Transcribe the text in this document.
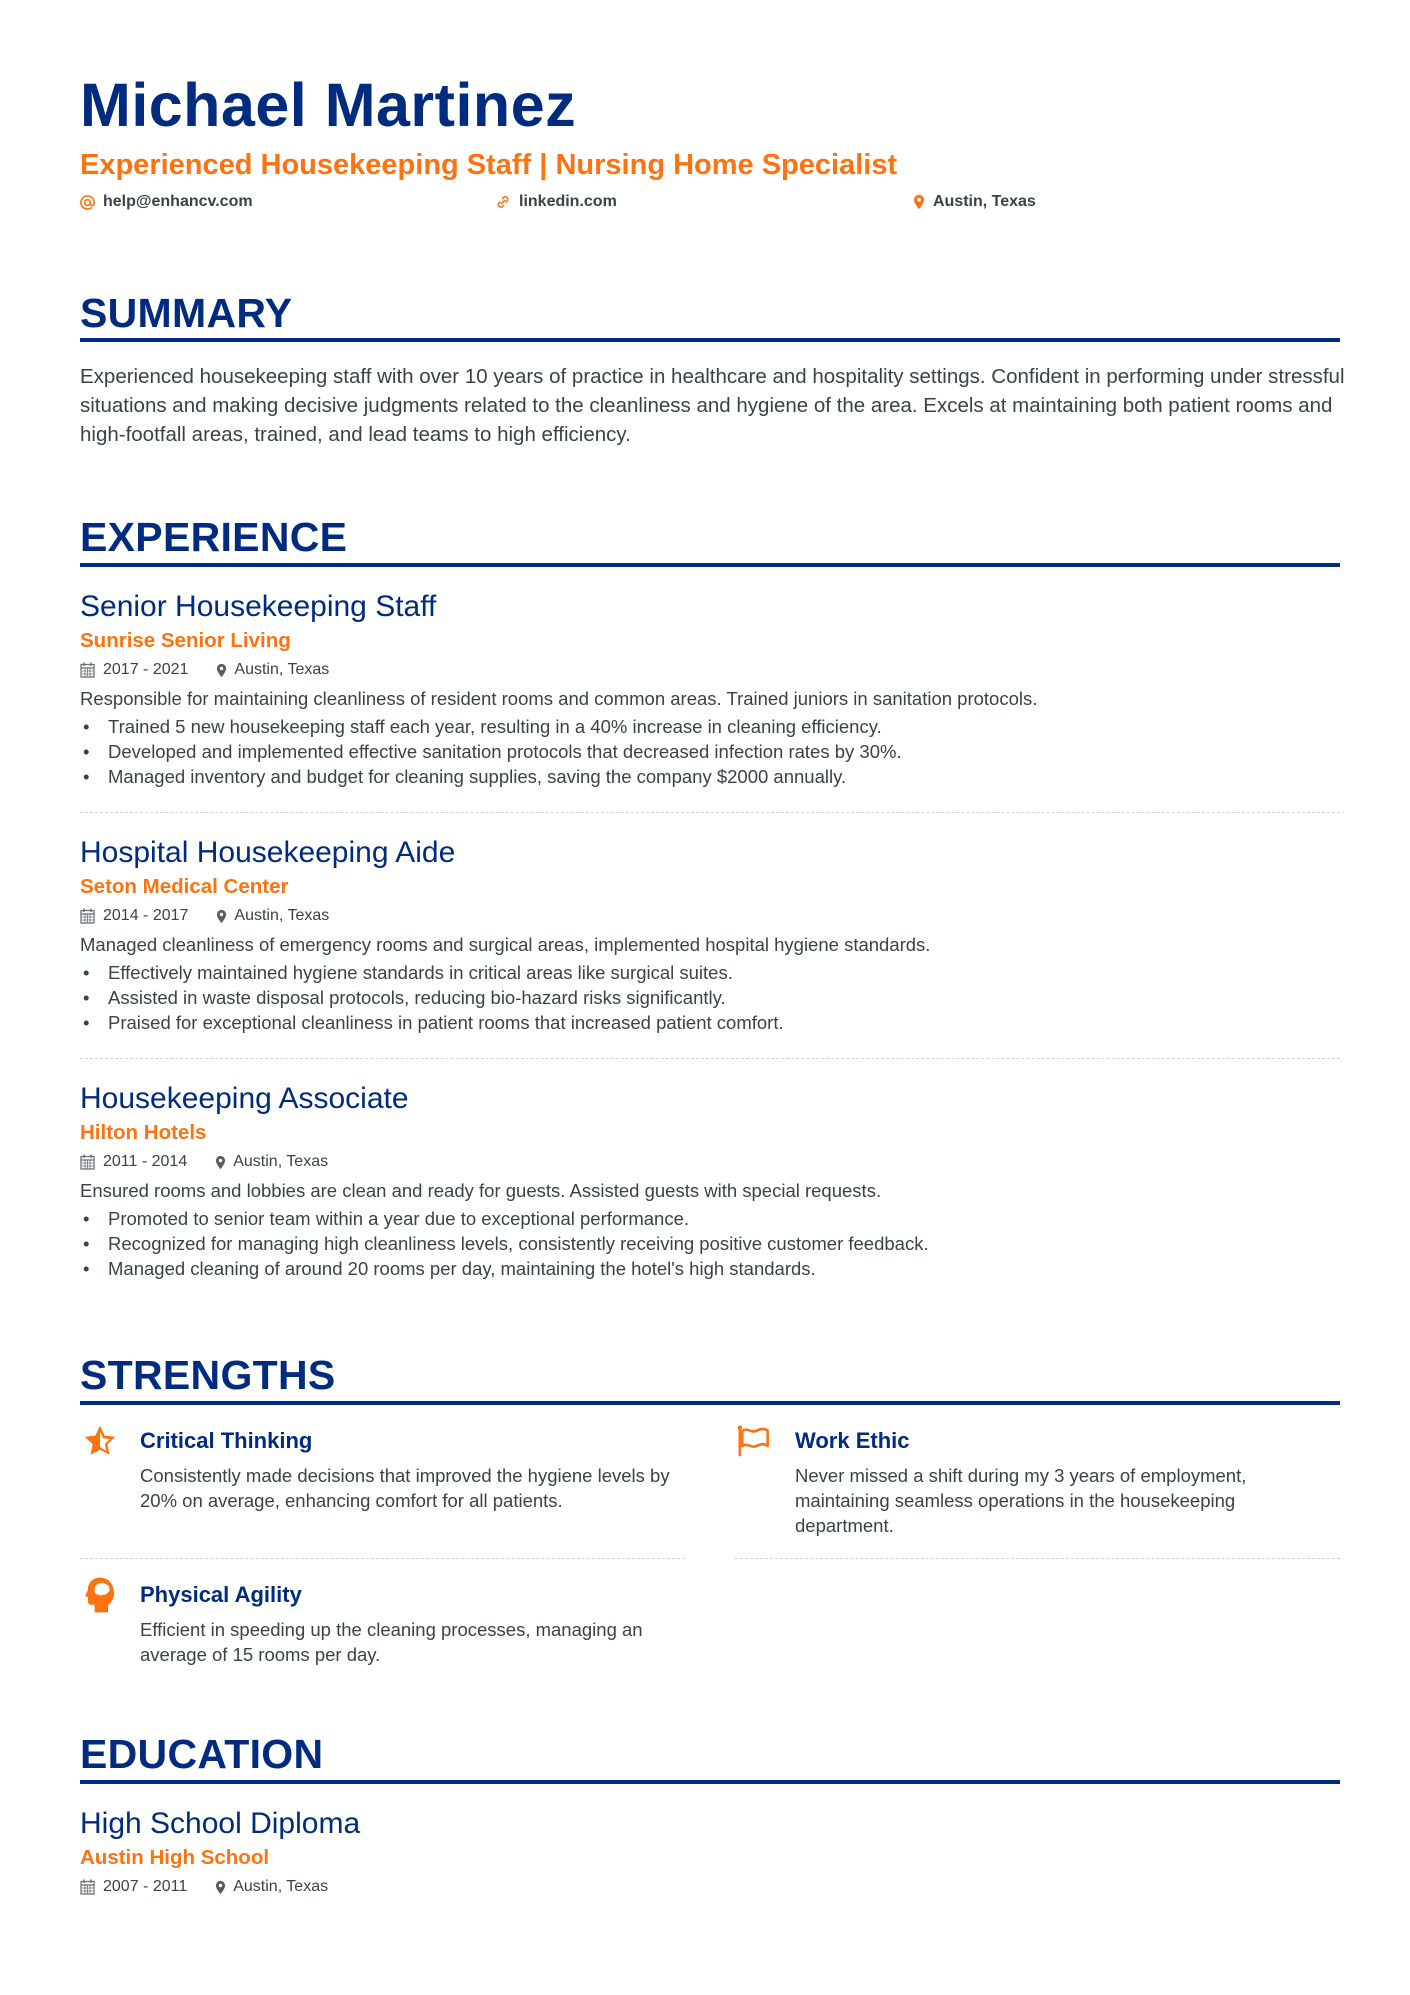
Michael Martinez
Experienced Housekeeping Staff | Nursing Home Specialist
help@enhancv.com	linkedin.com	Austin, Texas
SUMMARY

Experienced housekeeping staff with over 10 years of practice in healthcare and hospitality settings. Confident in performing under stressful situations and making decisive judgments related to the cleanliness and hygiene of the area. Excels at maintaining both patient rooms and high-footfall areas, trained, and lead teams to high efficiency.

EXPERIENCE
Senior Housekeeping Staff
Sunrise Senior Living
2017 - 2021	Austin, Texas
Responsible for maintaining cleanliness of resident rooms and common areas. Trained juniors in sanitation protocols.
• Trained 5 new housekeeping staff each year, resulting in a 40% increase in cleaning efficiency.
• Developed and implemented effective sanitation protocols that decreased infection rates by 30%.
• Managed inventory and budget for cleaning supplies, saving the company $2000 annually.
Hospital Housekeeping Aide
Seton Medical Center
2014 - 2017	Austin, Texas
Managed cleanliness of emergency rooms and surgical areas, implemented hospital hygiene standards.
• Effectively maintained hygiene standards in critical areas like surgical suites.
• Assisted in waste disposal protocols, reducing bio-hazard risks significantly.
• Praised for exceptional cleanliness in patient rooms that increased patient comfort.
Housekeeping Associate
Hilton Hotels
2011 - 2014	Austin, Texas
Ensured rooms and lobbies are clean and ready for guests. Assisted guests with special requests.
• Promoted to senior team within a year due to exceptional performance.
• Recognized for managing high cleanliness levels, consistently receiving positive customer feedback.
• Managed cleaning of around 20 rooms per day, maintaining the hotel's high standards.
STRENGTHS
Critical Thinking
Consistently made decisions that improved the hygiene levels by 20% on average, enhancing comfort for all patients.
Work Ethic
Never missed a shift during my 3 years of employment, maintaining seamless operations in the housekeeping department.
Physical Agility
Efficient in speeding up the cleaning processes, managing an average of 15 rooms per day.
EDUCATION
High School Diploma
Austin High School
2007 - 2011	Austin, Texas
